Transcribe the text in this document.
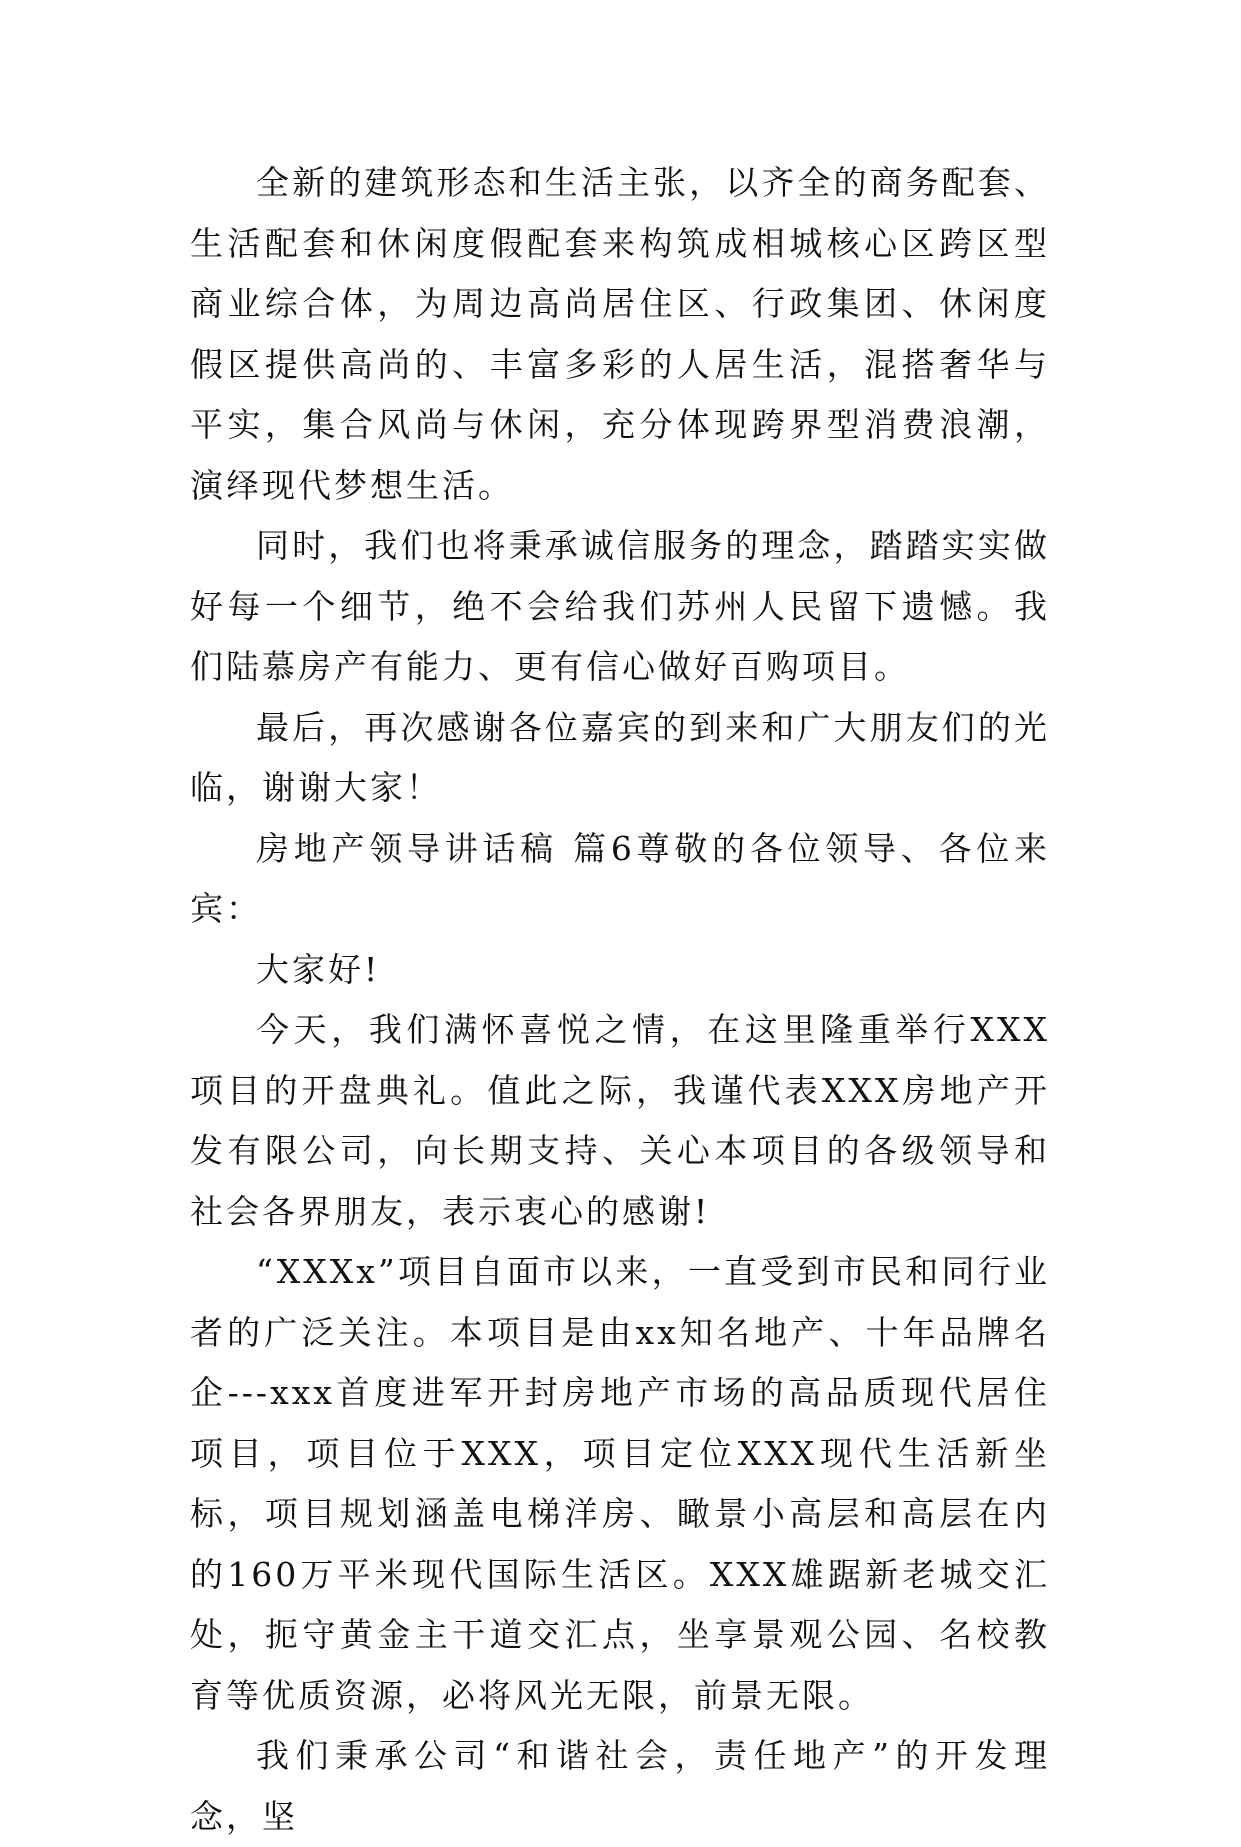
全新的建筑形态和生活主张，以齐全的商务配套、生活配套和休闲度假配套来构筑成相城核心区跨区型商业综合体，为周边高尚居住区、行政集团、休闲度假区提供高尚的、丰富多彩的人居生活，混搭奢华与平实，集合风尚与休闲，充分体现跨界型消费浪潮，演绎现代梦想生活。

同时，我们也将秉承诚信服务的理念，踏踏实实做好每一个细节，绝不会给我们苏州人民留下遗憾。我们陆慕房产有能力、更有信心做好百购项目。

最后，再次感谢各位嘉宾的到来和广大朋友们的光临，谢谢大家！

房地产领导讲话稿 篇6尊敬的各位领导、各位来宾：

大家好!

今天，我们满怀喜悦之情，在这里隆重举行XXX项目的开盘典礼。值此之际，我谨代表XXX房地产开发有限公司，向长期支持、关心本项目的各级领导和社会各界朋友，表示衷心的感谢!

“XXXx”项目自面市以来，一直受到市民和同行业者的广泛关注。本项目是由xx知名地产、十年品牌名企---xxx首度进军开封房地产市场的高品质现代居住项目，项目位于XXX，项目定位XXX现代生活新坐标，项目规划涵盖电梯洋房、瞰景小高层和高层在内的160万平米现代国际生活区。XXX雄踞新老城交汇处，扼守黄金主干道交汇点，坐享景观公园、名校教育等优质资源，必将风光无限，前景无限。

我们秉承公司“和谐社会，责任地产”的开发理念，坚
